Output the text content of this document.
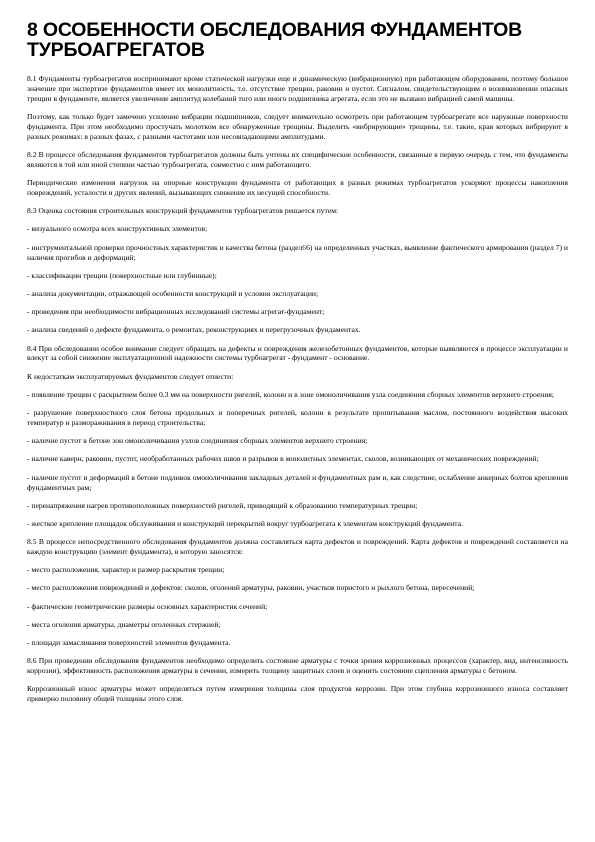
8 ОСОБЕННОСТИ ОБСЛЕДОВАНИЯ ФУНДАМЕНТОВ ТУРБОАГРЕГАТОВ

8.1 Фундаменты турбоагрегатов воспринимают кроме статической нагрузки еще и динамическую (вибрационную) при работающем оборудовании, поэтому большое значение при экспертизе фундаментов имеет их монолитность, т.е. отсутствие трещин, раковин и пустот. Сигналом, свидетельствующим о возникновении опасных трещин в фундаменте, является увеличение амплитуд колебаний того или иного подшипника агрегата, если это не вызвано вибрацией самой машины.

Поэтому, как только будет замечено усиление вибрации подшипников, следует внимательно осмотреть при работающем турбоагрегате все наружные поверхности фундамента. При этом необходимо простучать молотком все обнаруженные трещины. Выделить «вибрирующие» трещины, т.е. такие, края которых вибрируют в разных режимах: в разных фазах, с разными частотами или несовпадающими амплитудами.

8.2 В процессе обследования фундаментов турбоагрегатов должны быть учтены их специфические особенности, связанные в первую очередь с тем, что фундаменты являются в той или иной степени частью турбоагрегата, совместно с ним работающего.

Периодические изменения нагрузок на опорные конструкции фундамента от работающих в разных режимах турбоагрегатов ускоряют процессы накопления повреждений, усталости и других явлений, вызывающих снижение их несущей способности.

8.3 Оценка состояния строительных конструкций фундаментов турбоагрегатов решается путем:

- визуального осмотра всех конструктивных элементов;

- инструментальной проверки прочностных характеристик и качества бетона (раздел66) на определенных участках, выявление фактического армирования (раздел 7) и наличия прогибов и деформаций;

- классификации трещин (поверхностные или глубинные);

- анализа документации, отражающей особенности конструкций и условия эксплуатации;

- проведения при необходимости вибрационных исследований системы агрегат-фундамент;

- анализа сведений о дефекте фундамента, о ремонтах, реконструкциях и перегрузочных фундаментах.

8.4 При обследовании особое внимание следует обращать на дефекты и повреждения железобетонных фундаментов, которые выявляются в процессе эксплуатации и влекут за собой снижение эксплуатационной надежности системы турбоагрегат - фундамент - основание.

К недостаткам эксплуатируемых фундаментов следует отнести:

- появление трещин с раскрытием более 0,3 мм на поверхности ригелей, колонн и в зоне омоноличивания узла соединения сборных элементов верхнего строения;

- разрушение поверхностного слоя бетона продольных и поперечных ригелей, колонн в результате пропитывания маслом, постоянного воздействия высоких температур и размораживания в период строительства;

- наличие пустот в бетоне зон омоноличивания узлов соединения сборных элементов верхнего строения;

- наличие каверн, раковин, пустот, необработанных рабочих швов и разрывов в монолитных элементах, сколов, возникающих от механических повреждений;

- наличие пустот и деформаций в бетоне подливок омоноличивания закладных деталей и фундаментных рам и, как следствие, ослабление анкерных болтов крепления фундаментных рам;

- перенапряжения нагрев противоположных поверхностей ригелей, приводящий к образованию температурных трещин;

- жесткое крепление площадок обслуживания и конструкций перекрытий вокруг турбоагрегата к элементам конструкций фундамента.

8.5 В процессе непосредственного обследования фундаментов должна составляться карта дефектов и повреждений. Карта дефектов и повреждений составляется на каждую конструкцию (элемент фундамента), в которую заносятся:

- место расположения, характер и размер раскрытия трещин;

- место расположения повреждений и дефектов: сколов, оголений арматуры, раковин, участков пористого и рыхлого бетона, пересечений;

- фактические геометрические размеры основных характеристик сечений;

- места оголения арматуры, диаметры оголенных стержней;

- площади замасливания поверхностей элементов фундамента.

8.6 При проведении обследования фундаментов необходимо определить состояние арматуры с точки зрения коррозионных процессов (характер, вид, интенсивность коррозии), эффективность расположения арматуры в сечении, измерить толщину защитных слоев и оценить состояние сцепления арматуры с бетоном.

Коррозионный износ арматуры может определяться путем измерения толщины слоя продуктов коррозии. При этом глубина коррозионного износа составляет примерно половину общей толщины этого слоя.
